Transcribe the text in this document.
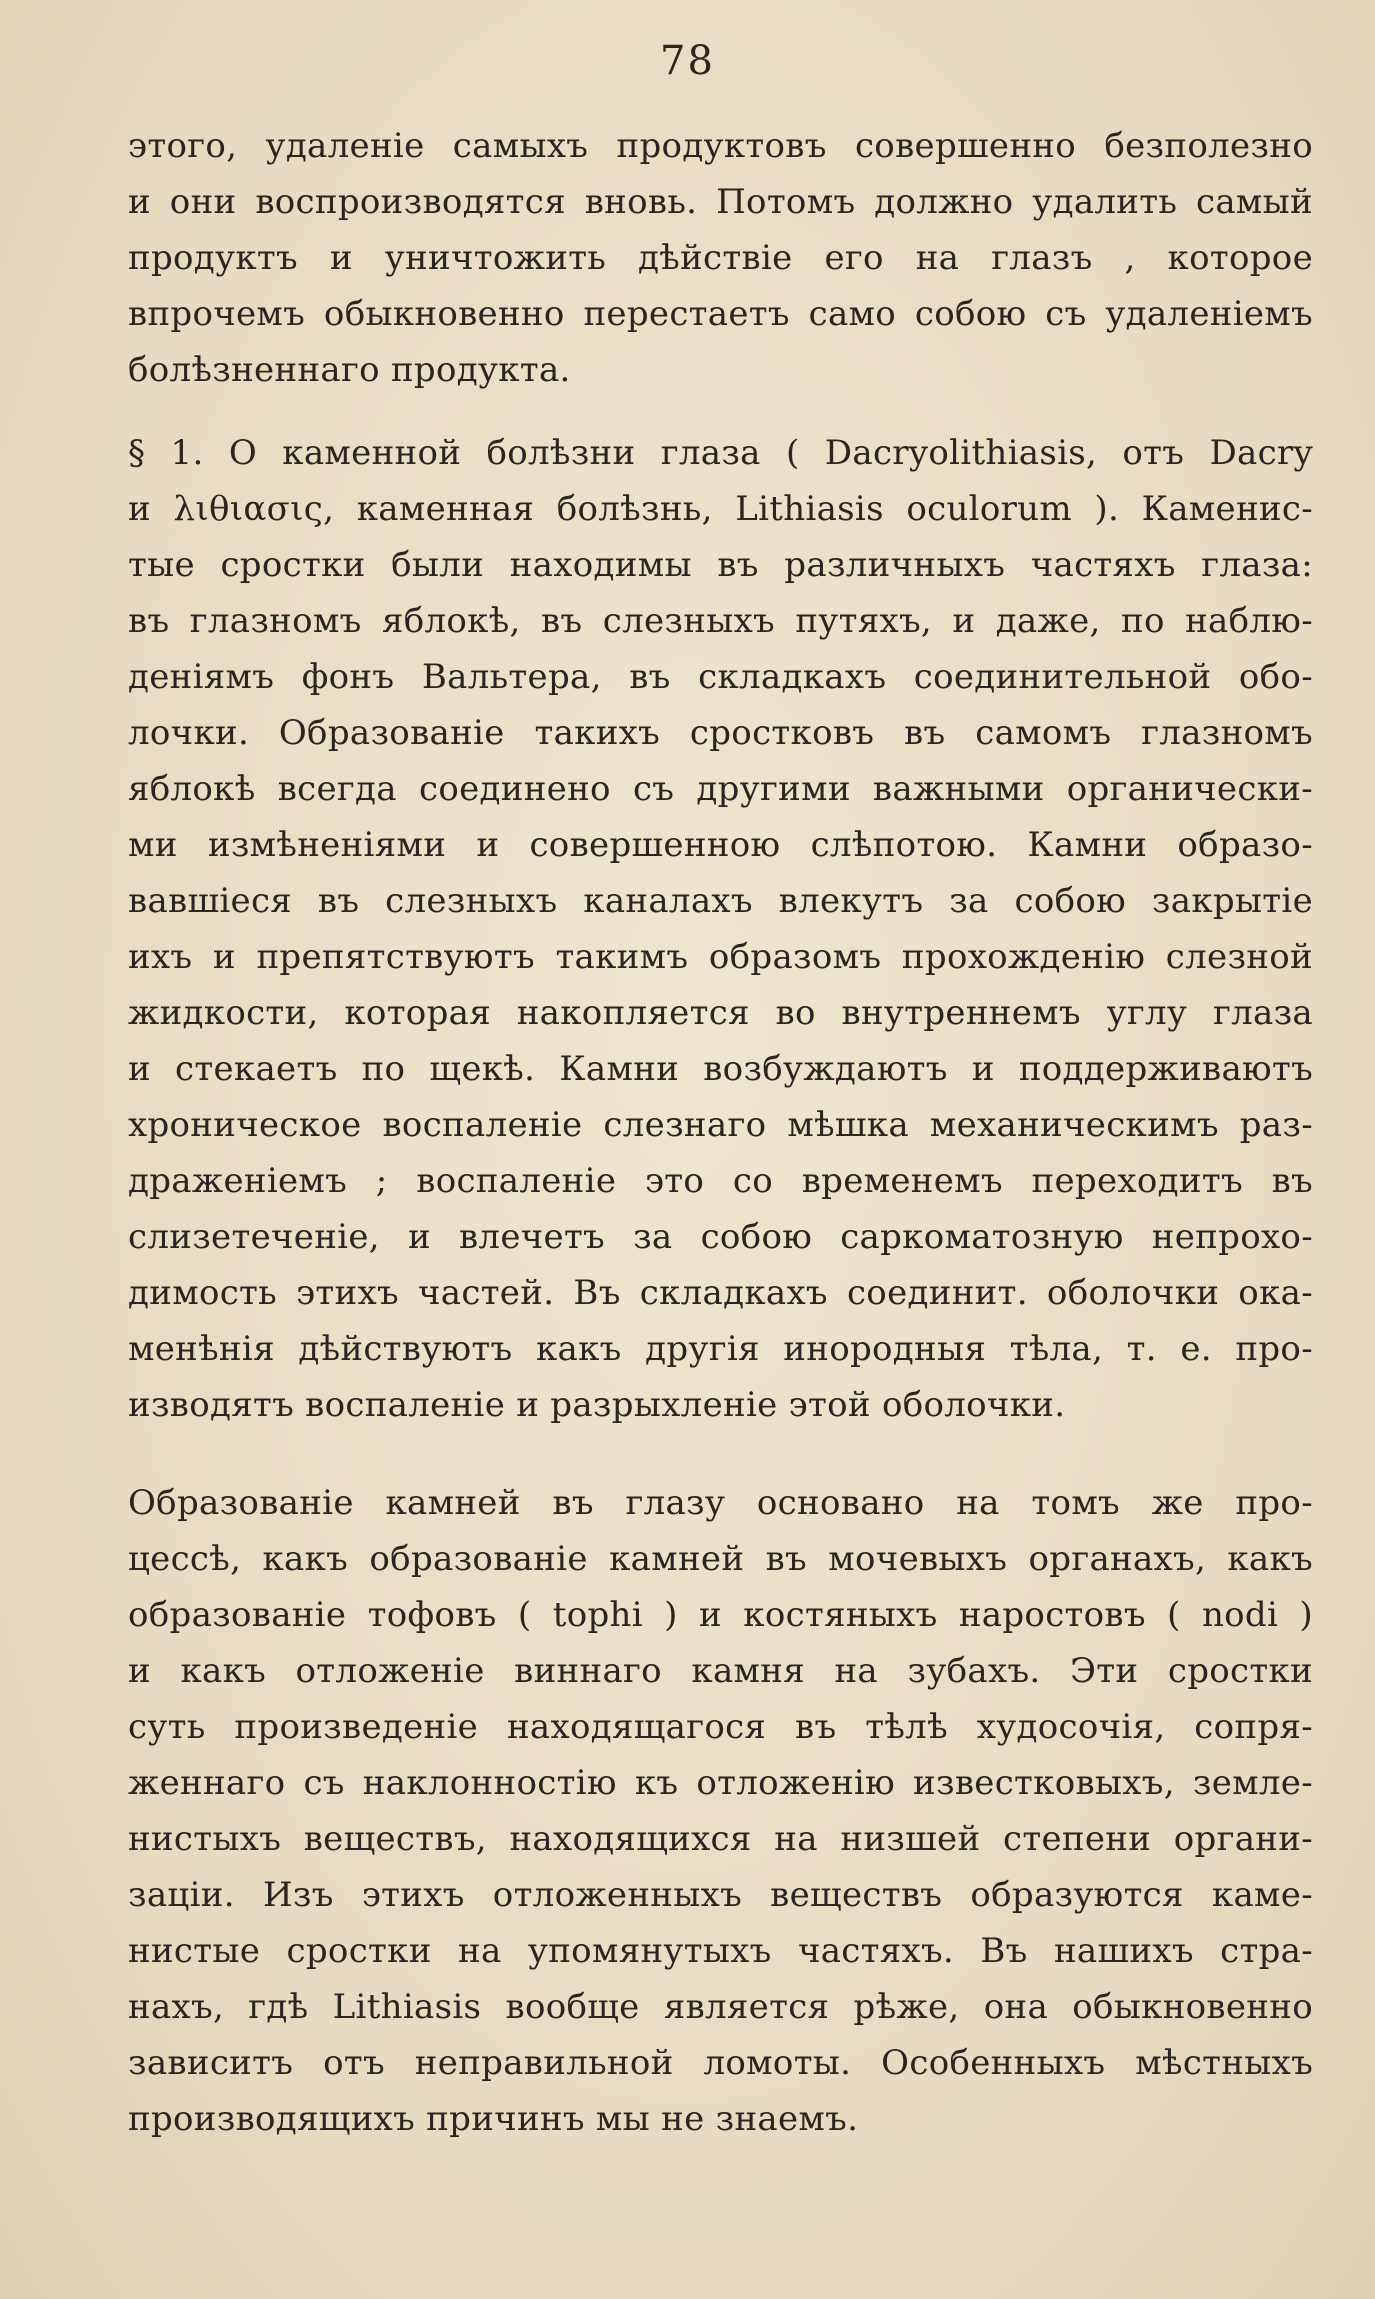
78
этого, удаленіе самыхъ продуктовъ совершенно безполезно
и они воспроизводятся вновь. Потомъ должно удалить самый
продуктъ и уничтожить дѣйствіе его на глазъ , которое
впрочемъ обыкновенно перестаетъ само собою съ удаленіемъ
болѣзненнаго продукта.
§ 1. О каменной болѣзни глаза ( Dacryolithiasis, отъ Dacry
и λιθιασις, каменная болѣзнь, Lithiasis oculorum ). Каменис-
тые сростки были находимы въ различныхъ частяхъ глаза:
въ глазномъ яблокѣ, въ слезныхъ путяхъ, и даже, по наблю-
деніямъ фонъ Вальтера, въ складкахъ соединительной обо-
лочки. Образованіе такихъ сростковъ въ самомъ глазномъ
яблокѣ всегда соединено съ другими важными органически-
ми измѣненіями и совершенною слѣпотою. Камни образо-
вавшіеся въ слезныхъ каналахъ влекутъ за собою закрытіе
ихъ и препятствуютъ такимъ образомъ прохожденію слезной
жидкости, которая накопляется во внутреннемъ углу глаза
и стекаетъ по щекѣ. Камни возбуждаютъ и поддерживаютъ
хроническое воспаленіе слезнаго мѣшка механическимъ раз-
драженіемъ ; воспаленіе это со временемъ переходитъ въ
слизетеченіе, и влечетъ за собою саркоматозную непрохо-
димость этихъ частей. Въ складкахъ соединит. оболочки ока-
менѣнія дѣйствуютъ какъ другія инородныя тѣла, т. е. про-
изводятъ воспаленіе и разрыхленіе этой оболочки.
Образованіе камней въ глазу основано на томъ же про-
цессѣ, какъ образованіе камней въ мочевыхъ органахъ, какъ
образованіе тофовъ ( tophi ) и костяныхъ наростовъ ( nodi )
и какъ отложеніе виннаго камня на зубахъ. Эти сростки
суть произведеніе находящагося въ тѣлѣ худосочія, сопря-
женнаго съ наклонностію къ отложенію известковыхъ, земле-
нистыхъ веществъ, находящихся на низшей степени органи-
заціи. Изъ этихъ отложенныхъ веществъ образуются каме-
нистые сростки на упомянутыхъ частяхъ. Въ нашихъ стра-
нахъ, гдѣ Lithiasis вообще является рѣже, она обыкновенно
зависитъ отъ неправильной ломоты. Особенныхъ мѣстныхъ
производящихъ причинъ мы не знаемъ.
